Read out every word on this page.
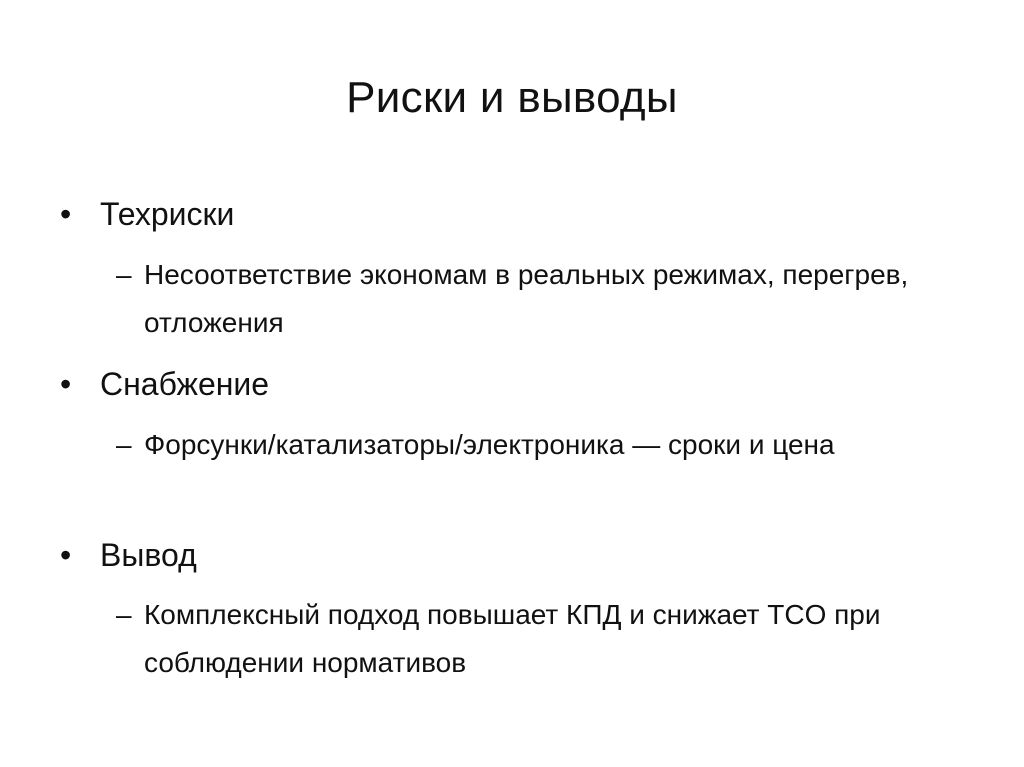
Риски и выводы
• Техриски
– Несоответствие экономам в реальных режимах, перегрев, отложения
• Снабжение
– Форсунки/катализаторы/электроника — сроки и цена
• Вывод
– Комплексный подход повышает КПД и снижает TCO при соблюдении нормативов
